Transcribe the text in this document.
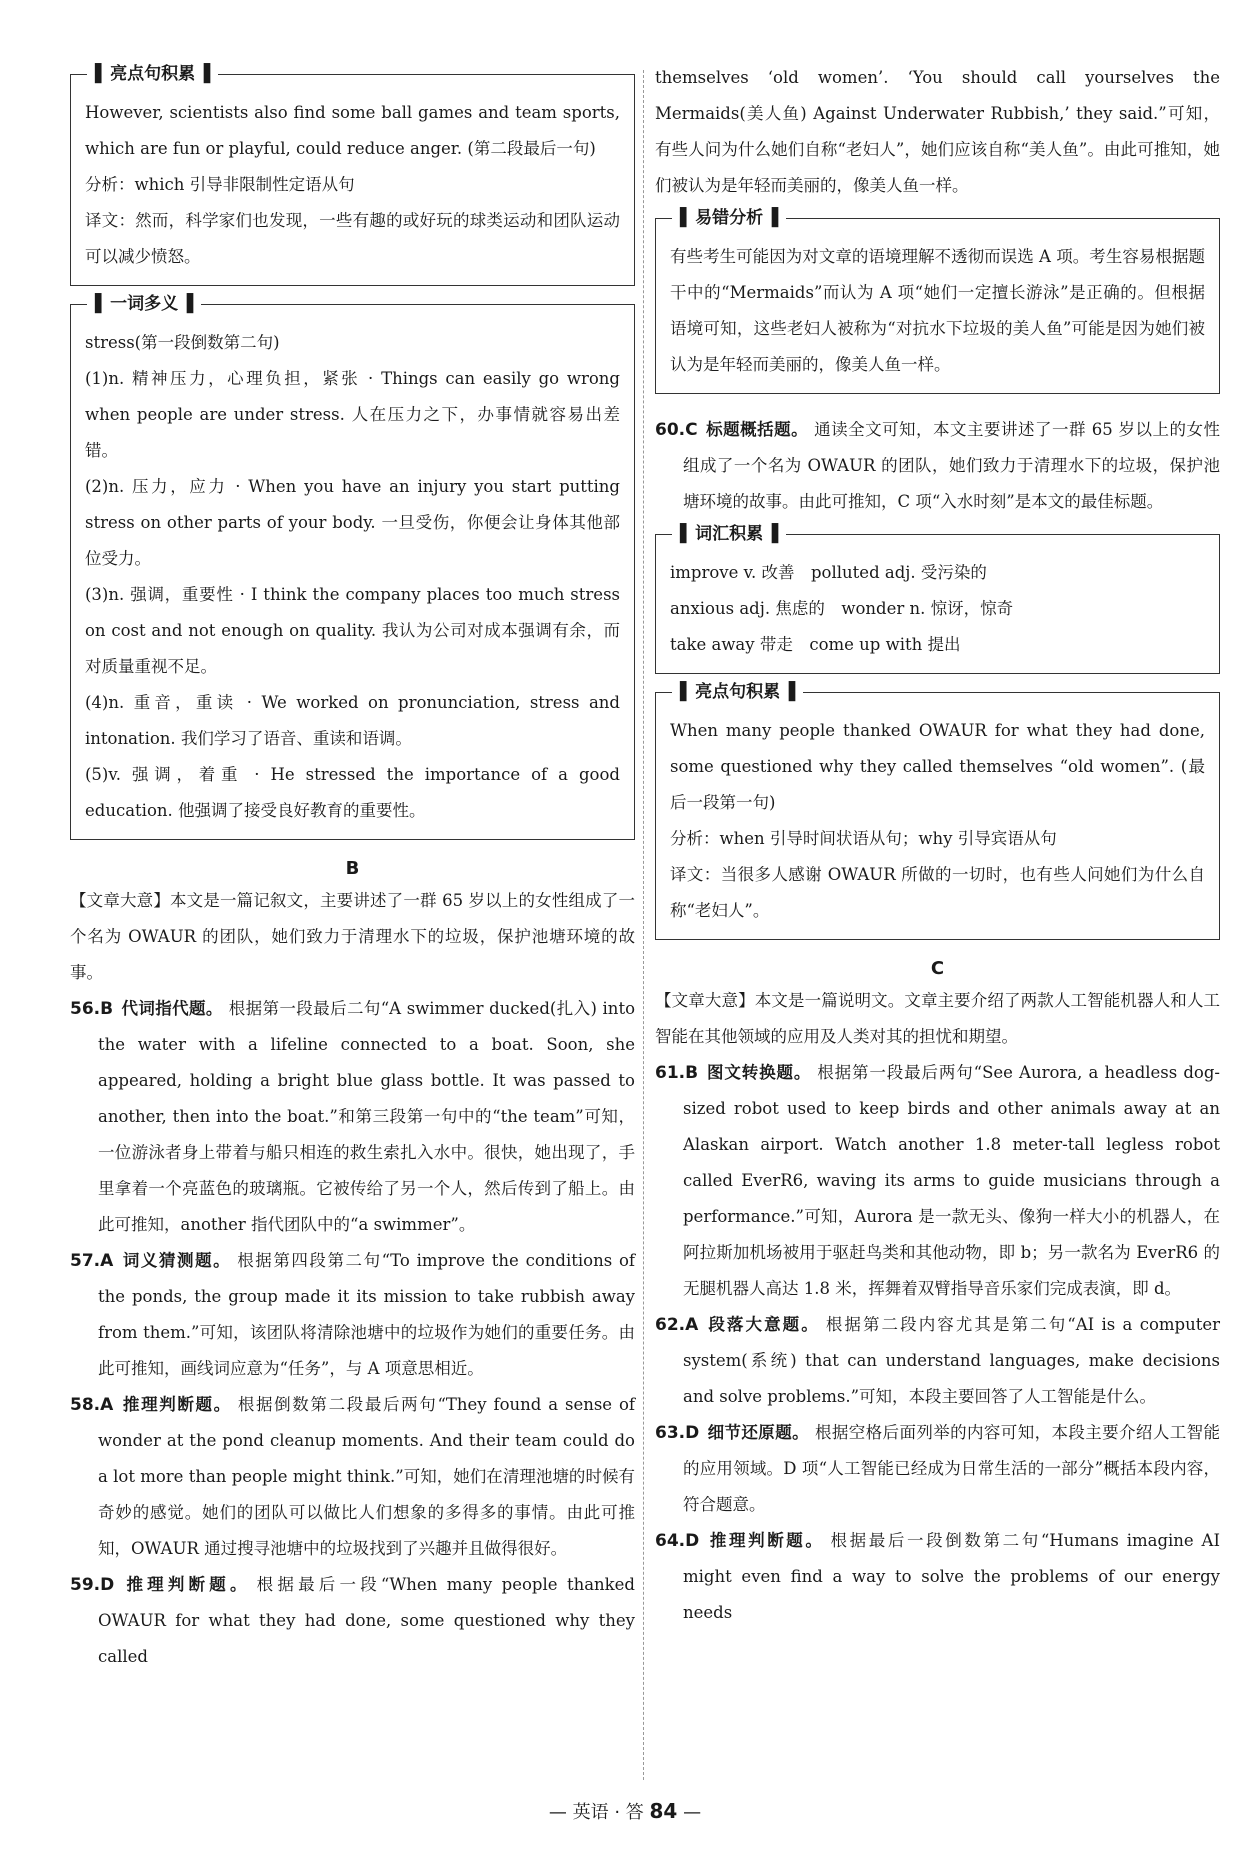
▌ 亮点句积累 ▐

However, scientists also find some ball games and team sports, which are fun or playful, could reduce anger. (第二段最后一句)

分析：which 引导非限制性定语从句

译文：然而，科学家们也发现，一些有趣的或好玩的球类运动和团队运动可以减少愤怒。

▌ 一词多义 ▐

stress(第一段倒数第二句)

(1)n. 精神压力，心理负担，紧张 · Things can easily go wrong when people are under stress. 人在压力之下，办事情就容易出差错。

(2)n. 压力，应力 · When you have an injury you start putting stress on other parts of your body. 一旦受伤，你便会让身体其他部位受力。

(3)n. 强调，重要性 · I think the company places too much stress on cost and not enough on quality. 我认为公司对成本强调有余，而对质量重视不足。

(4)n. 重音，重读 · We worked on pronunciation, stress and intonation. 我们学习了语音、重读和语调。

(5)v. 强调，着重 · He stressed the importance of a good education. 他强调了接受良好教育的重要性。

B

【文章大意】本文是一篇记叙文，主要讲述了一群 65 岁以上的女性组成了一个名为 OWAUR 的团队，她们致力于清理水下的垃圾，保护池塘环境的故事。

56.B 代词指代题。 根据第一段最后二句“A swimmer ducked(扎入) into the water with a lifeline connected to a boat. Soon, she appeared, holding a bright blue glass bottle. It was passed to another, then into the boat.”和第三段第一句中的“the team”可知，一位游泳者身上带着与船只相连的救生索扎入水中。很快，她出现了，手里拿着一个亮蓝色的玻璃瓶。它被传给了另一个人，然后传到了船上。由此可推知，another 指代团队中的“a swimmer”。

57.A 词义猜测题。 根据第四段第二句“To improve the conditions of the ponds, the group made it its mission to take rubbish away from them.”可知，该团队将清除池塘中的垃圾作为她们的重要任务。由此可推知，画线词应意为“任务”，与 A 项意思相近。

58.A 推理判断题。 根据倒数第二段最后两句“They found a sense of wonder at the pond cleanup moments. And their team could do a lot more than people might think.”可知，她们在清理池塘的时候有奇妙的感觉。她们的团队可以做比人们想象的多得多的事情。由此可推知，OWAUR 通过搜寻池塘中的垃圾找到了兴趣并且做得很好。

59.D 推理判断题。 根据最后一段“When many people thanked OWAUR for what they had done, some questioned why they called

themselves ‘old women’. ‘You should call yourselves the Mermaids(美人鱼) Against Underwater Rubbish,’ they said.”可知，有些人问为什么她们自称“老妇人”，她们应该自称“美人鱼”。由此可推知，她们被认为是年轻而美丽的，像美人鱼一样。

▌ 易错分析 ▐

有些考生可能因为对文章的语境理解不透彻而误选 A 项。考生容易根据题干中的“Mermaids”而认为 A 项“她们一定擅长游泳”是正确的。但根据语境可知，这些老妇人被称为“对抗水下垃圾的美人鱼”可能是因为她们被认为是年轻而美丽的，像美人鱼一样。

60.C 标题概括题。 通读全文可知，本文主要讲述了一群 65 岁以上的女性组成了一个名为 OWAUR 的团队，她们致力于清理水下的垃圾，保护池塘环境的故事。由此可推知，C 项“入水时刻”是本文的最佳标题。

▌ 词汇积累 ▐

improve v. 改善　polluted adj. 受污染的

anxious adj. 焦虑的　wonder n. 惊讶，惊奇

take away 带走　come up with 提出

▌ 亮点句积累 ▐

When many people thanked OWAUR for what they had done, some questioned why they called themselves “old women”. (最后一段第一句)

分析：when 引导时间状语从句；why 引导宾语从句

译文：当很多人感谢 OWAUR 所做的一切时，也有些人问她们为什么自称“老妇人”。

C

【文章大意】本文是一篇说明文。文章主要介绍了两款人工智能机器人和人工智能在其他领域的应用及人类对其的担忧和期望。

61.B 图文转换题。 根据第一段最后两句“See Aurora, a headless dog-sized robot used to keep birds and other animals away at an Alaskan airport. Watch another 1.8 meter-tall legless robot called EverR6, waving its arms to guide musicians through a performance.”可知，Aurora 是一款无头、像狗一样大小的机器人，在阿拉斯加机场被用于驱赶鸟类和其他动物，即 b；另一款名为 EverR6 的无腿机器人高达 1.8 米，挥舞着双臂指导音乐家们完成表演，即 d。

62.A 段落大意题。 根据第二段内容尤其是第二句“AI is a computer system(系统) that can understand languages, make decisions and solve problems.”可知，本段主要回答了人工智能是什么。

63.D 细节还原题。 根据空格后面列举的内容可知，本段主要介绍人工智能的应用领域。D 项“人工智能已经成为日常生活的一部分”概括本段内容，符合题意。

64.D 推理判断题。 根据最后一段倒数第二句“Humans imagine AI might even find a way to solve the problems of our energy needs

— 英语 · 答 84 —
